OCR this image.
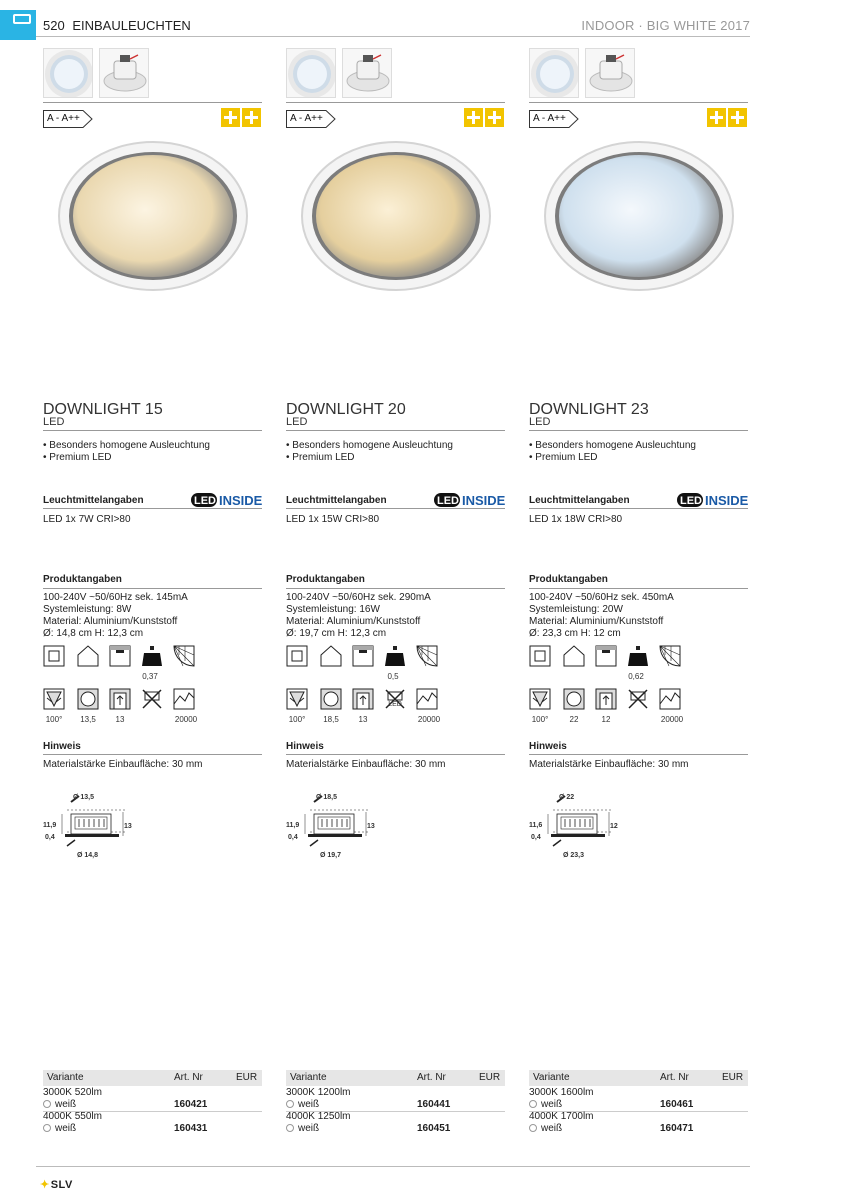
520 EINBAULEUCHTEN	INDOOR · BIG WHITE 2017
A - A++
DOWNLIGHT 15
LED
• Besonders homogene Ausleuchtung
• Premium LED
Leuchtmittelangaben	LED INSIDE
LED 1x 7W CRI>80
Produktangaben
100-240V ~50/60Hz sek. 145mA
Systemleistung: 8W
Material: Aluminium/Kunststoff
Ø: 14,8 cm H: 12,3 cm
0,37
100°	13,5	13	20000
Hinweis
Materialstärke Einbaufläche: 30 mm
Ø 13,5
11,9
0,4
13
Ø 14,8
Variante	Art. Nr	EUR
3000K 520lm
weiß	160421
4000K 550lm
weiß	160431
A - A++
DOWNLIGHT 20
LED
• Besonders homogene Ausleuchtung
• Premium LED
Leuchtmittelangaben	LED INSIDE
LED 1x 15W CRI>80
Produktangaben
100-240V ~50/60Hz sek. 290mA
Systemleistung: 16W
Material: Aluminium/Kunststoff
Ø: 19,7 cm H: 12,3 cm
0,5
100°	18,5	13
LED
20000
Hinweis
Materialstärke Einbaufläche: 30 mm
Ø 18,5
11,9
0,4
13
Ø 19,7
Variante	Art. Nr	EUR
3000K 1200lm
weiß	160441
4000K 1250lm
weiß	160451
A - A++
DOWNLIGHT 23
LED
• Besonders homogene Ausleuchtung
• Premium LED
Leuchtmittelangaben	LED INSIDE
LED 1x 18W CRI>80
Produktangaben
100-240V ~50/60Hz sek. 450mA
Systemleistung: 20W
Material: Aluminium/Kunststoff
Ø: 23,3 cm H: 12 cm
0,62
100°	22	12	20000
Hinweis
Materialstärke Einbaufläche: 30 mm
Ø 22
11,6
0,4
12
Ø 23,3
Variante	Art. Nr	EUR
3000K 1600lm
weiß	160461
4000K 1700lm
weiß	160471
✦SLV
